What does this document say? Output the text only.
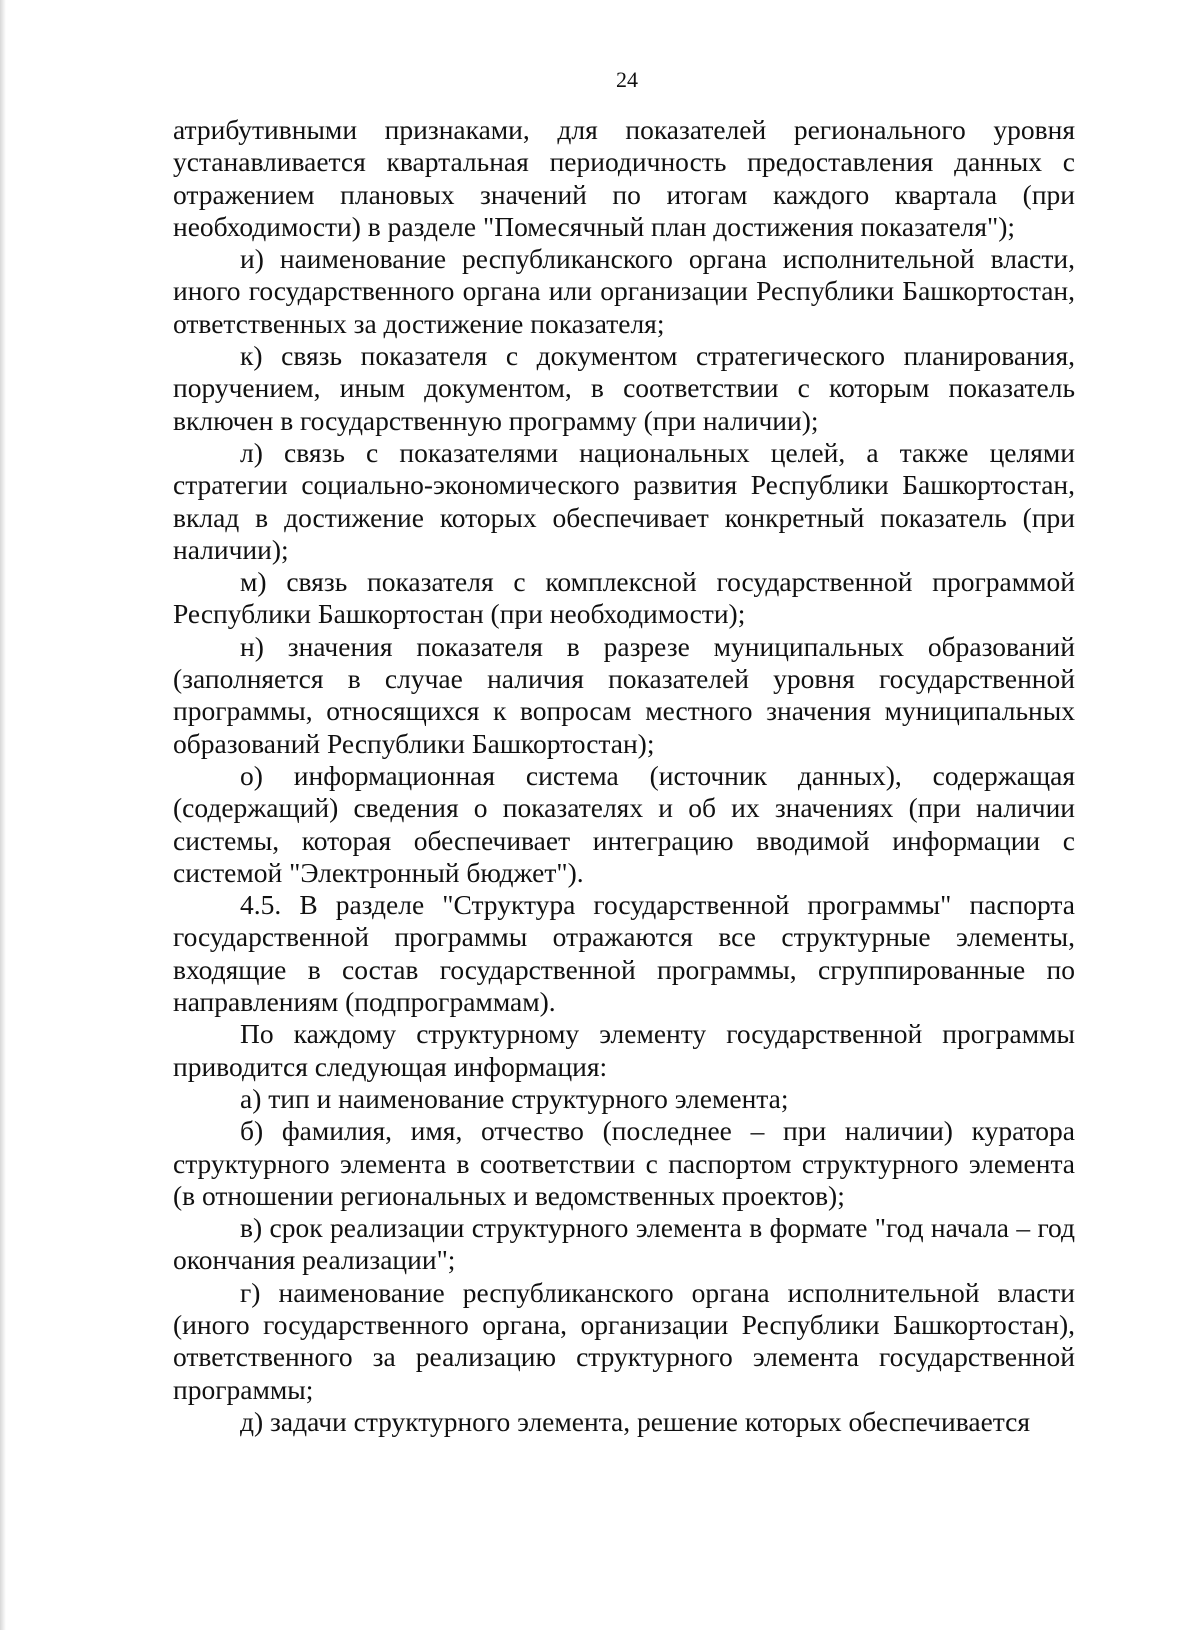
24

атрибутивными признаками, для показателей регионального уровня устанавливается квартальная периодичность предоставления данных с отражением плановых значений по итогам каждого квартала (при необходимости) в разделе "Помесячный план достижения показателя");

и) наименование республиканского органа исполнительной власти, иного государственного органа или организации Республики Башкортостан, ответственных за достижение показателя;

к) связь показателя с документом стратегического планирования, поручением, иным документом, в соответствии с которым показатель включен в государственную программу (при наличии);

л) связь с показателями национальных целей, а также целями стратегии социально-экономического развития Республики Башкортостан, вклад в достижение которых обеспечивает конкретный показатель (при наличии);

м) связь показателя с комплексной государственной программой Республики Башкортостан (при необходимости);

н) значения показателя в разрезе муниципальных образований (заполняется в случае наличия показателей уровня государственной программы, относящихся к вопросам местного значения муниципальных образований Республики Башкортостан);

о) информационная система (источник данных), содержащая (содержащий) сведения о показателях и об их значениях (при наличии системы, которая обеспечивает интеграцию вводимой информации с системой "Электронный бюджет").

4.5. В разделе "Структура государственной программы" паспорта государственной программы отражаются все структурные элементы, входящие в состав государственной программы, сгруппированные по направлениям (подпрограммам).

По каждому структурному элементу государственной программы приводится следующая информация:

а) тип и наименование структурного элемента;

б) фамилия, имя, отчество (последнее – при наличии) куратора структурного элемента в соответствии с паспортом структурного элемента (в отношении региональных и ведомственных проектов);

в) срок реализации структурного элемента в формате "год начала – год окончания реализации";

г) наименование республиканского органа исполнительной власти (иного государственного органа, организации Республики Башкортостан), ответственного за реализацию структурного элемента государственной программы;

д) задачи структурного элемента, решение которых обеспечивается
